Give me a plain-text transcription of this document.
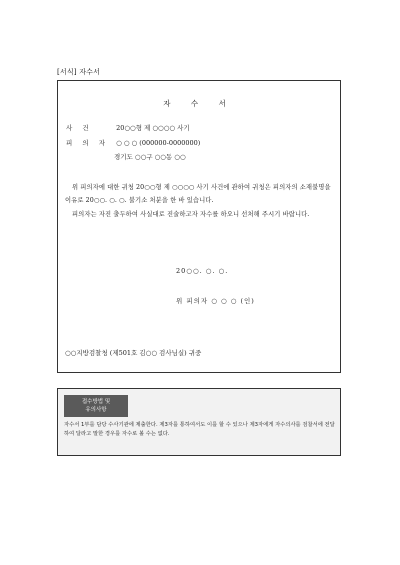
[서식] 자수서
자 수 서
사 건	20○○형 제 ○○○○ 사기
피 의 자 ○ ○ ○ (000000-0000000)
경기도 ○○구 ○○동 ○○
위 피의자에 대한 귀청 20○○형 제 ○○○○ 사기 사건에 관하여 귀청은 피의자의 소재불명을 이유로 20○○. ○. ○. 불기소 처분을 한 바 있습니다.
피의자는 자진 출두하여 사실대로 진술하고자 자수를 하오니 선처해 주시기 바랍니다.
20○○. ○. ○.
위 피의자 ○ ○ ○ (인)
○○지방검찰청 (제501호 김○○ 검사님실) 귀중
접수방법 및
유의사항
자수서 1부를 담당 수사기관에 제출한다. 제3자를 통하여서도 이를 할 수 있으나 제3자에게 자수의사를 검찰서에 전달하여 달라고 말한 경우를 자수로 볼 수는 없다.
